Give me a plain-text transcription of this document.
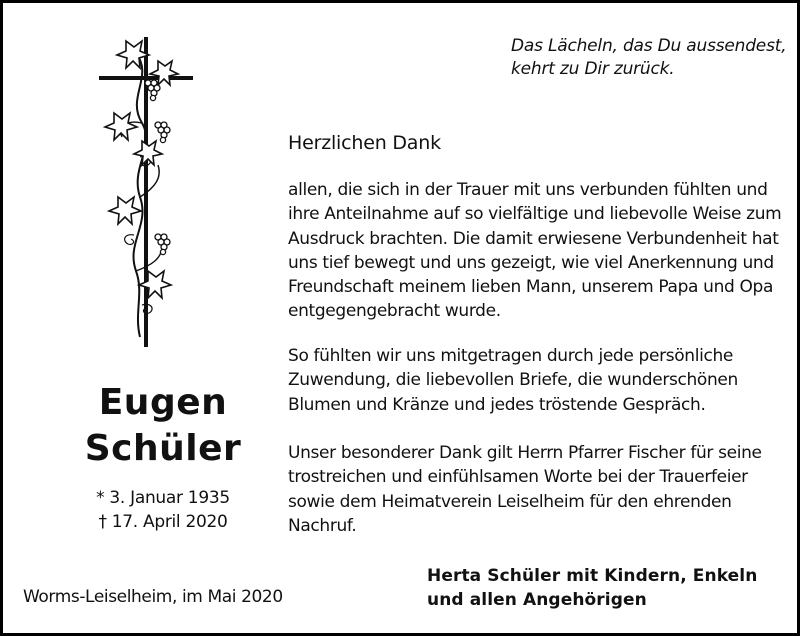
Das Lächeln, das Du aussendest,
kehrt zu Dir zurück.
Herzlichen Dank
allen, die sich in der Trauer mit uns verbunden fühlten und
ihre Anteilnahme auf so vielfältige und liebevolle Weise zum
Ausdruck brachten. Die damit erwiesene Verbundenheit hat
uns tief bewegt und uns gezeigt, wie viel Anerkennung und
Freundschaft meinem lieben Mann, unserem Papa und Opa
entgegengebracht wurde.
So fühlten wir uns mitgetragen durch jede persönliche
Zuwendung, die liebevollen Briefe, die wunderschönen
Blumen und Kränze und jedes tröstende Gespräch.
Unser besonderer Dank gilt Herrn Pfarrer Fischer für seine
trostreichen und einfühlsamen Worte bei der Trauerfeier
sowie dem Heimatverein Leiselheim für den ehrenden
Nachruf.
Eugen
Schüler
* 3. Januar 1935
† 17. April 2020
Worms-Leiselheim, im Mai 2020
Herta Schüler mit Kindern, Enkeln
und allen Angehörigen
